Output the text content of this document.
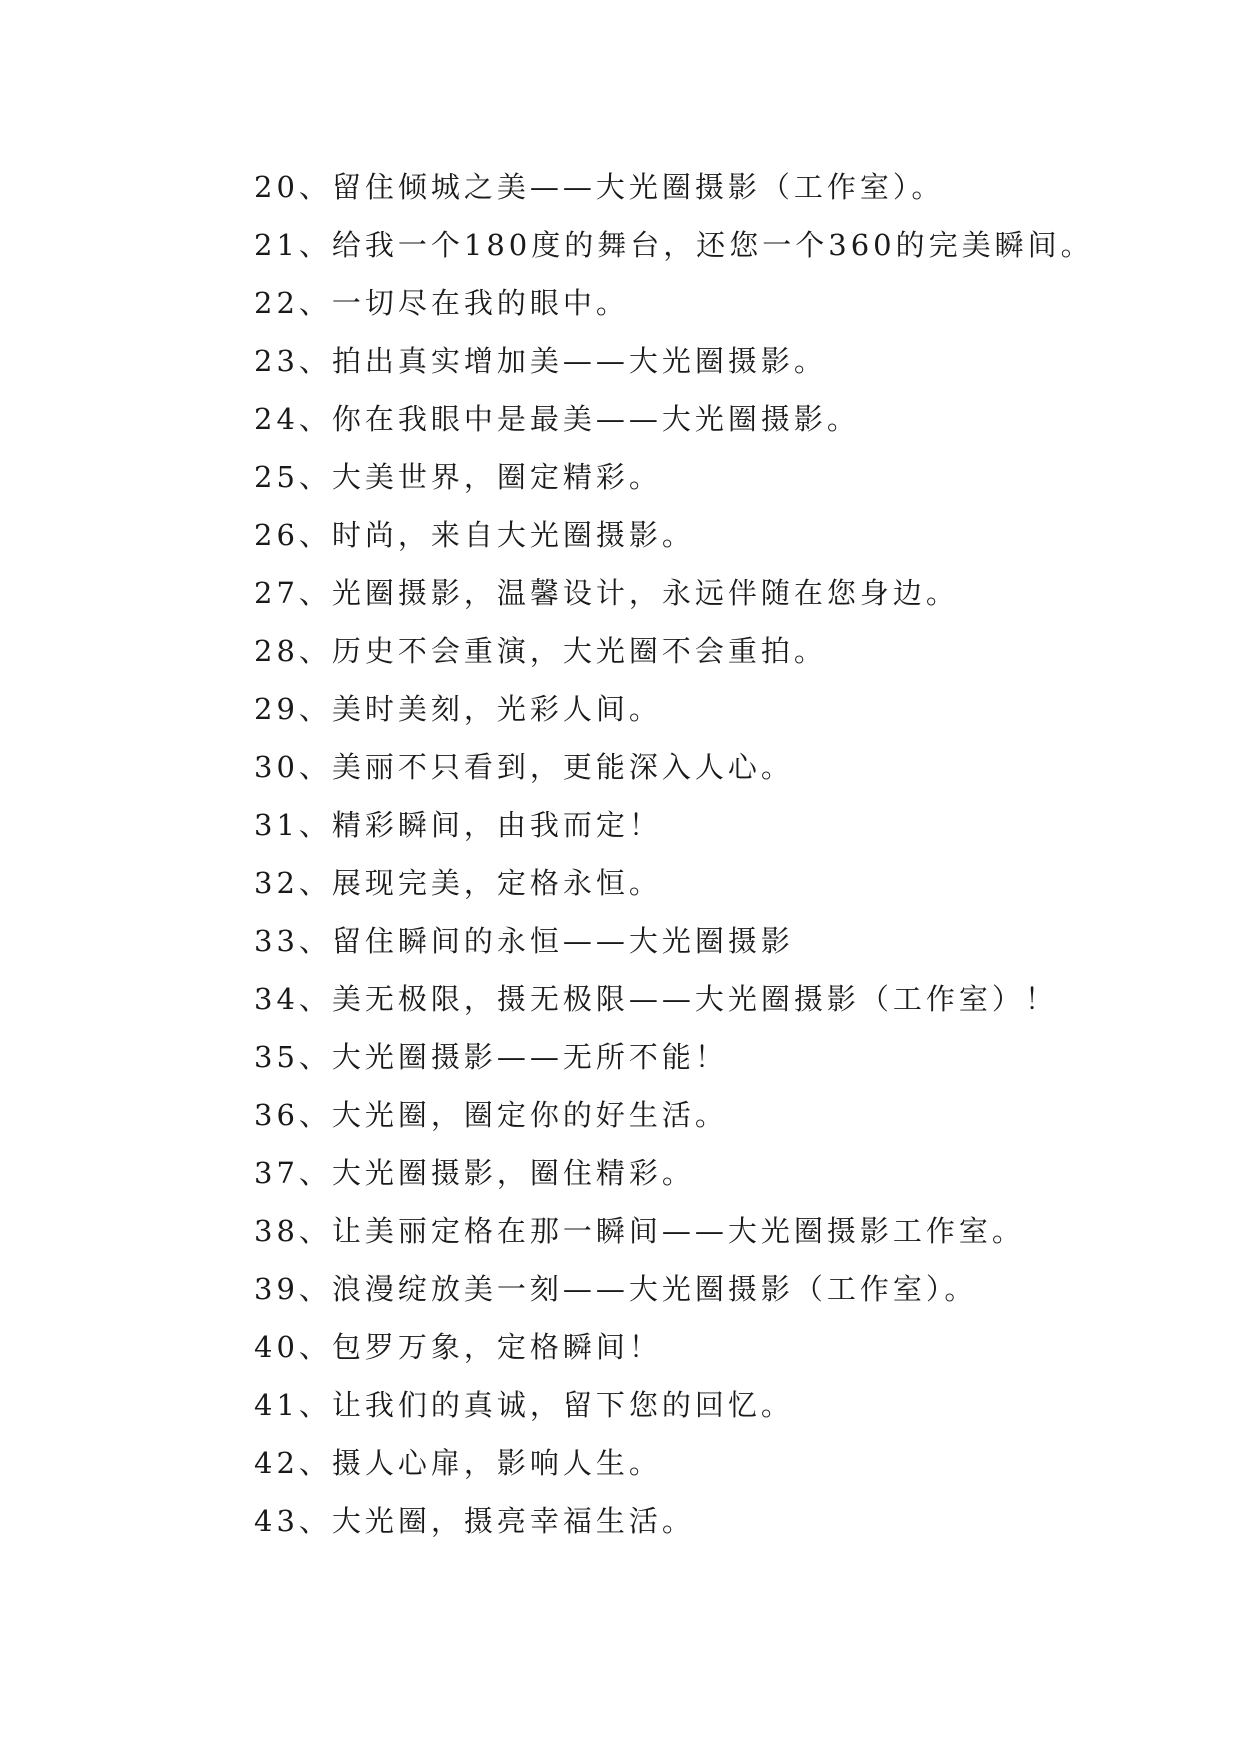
20、留住倾城之美——大光圈摄影（工作室）。
21、给我一个180度的舞台，还您一个360的完美瞬间。
22、一切尽在我的眼中。
23、拍出真实增加美——大光圈摄影。
24、你在我眼中是最美——大光圈摄影。
25、大美世界，圈定精彩。
26、时尚，来自大光圈摄影。
27、光圈摄影，温馨设计，永远伴随在您身边。
28、历史不会重演，大光圈不会重拍。
29、美时美刻，光彩人间。
30、美丽不只看到，更能深入人心。
31、精彩瞬间，由我而定！
32、展现完美，定格永恒。
33、留住瞬间的永恒——大光圈摄影
34、美无极限，摄无极限——大光圈摄影（工作室）！
35、大光圈摄影——无所不能！
36、大光圈，圈定你的好生活。
37、大光圈摄影，圈住精彩。
38、让美丽定格在那一瞬间——大光圈摄影工作室。
39、浪漫绽放美一刻——大光圈摄影（工作室）。
40、包罗万象，定格瞬间！
41、让我们的真诚，留下您的回忆。
42、摄人心扉，影响人生。
43、大光圈，摄亮幸福生活。
